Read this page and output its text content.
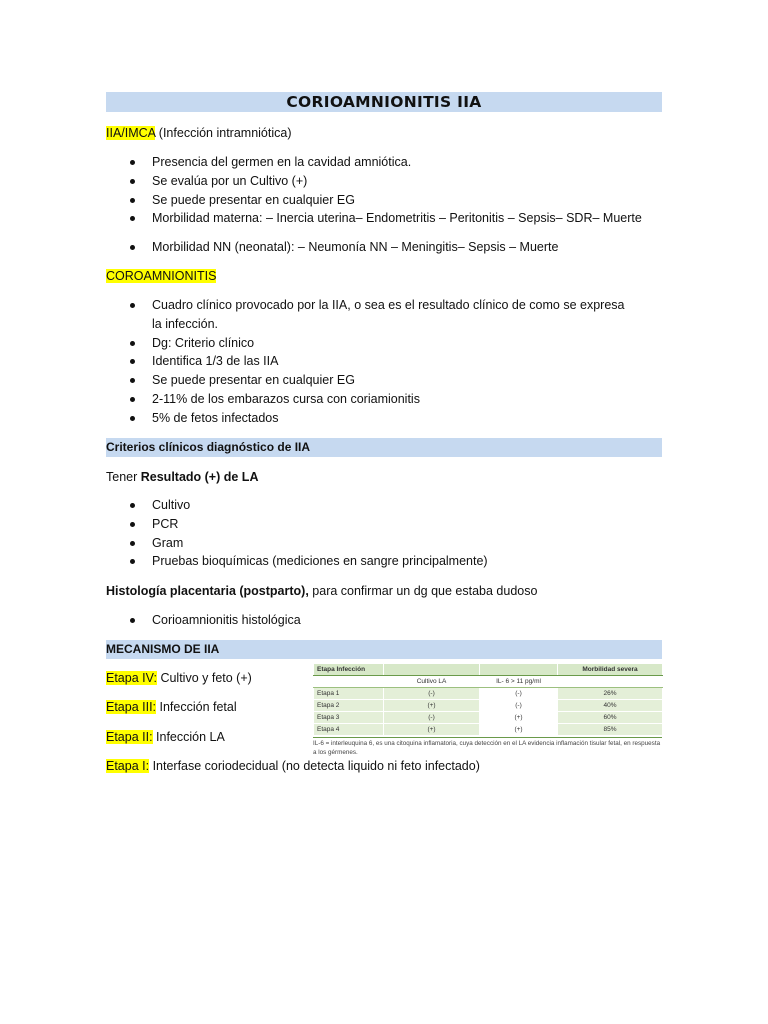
CORIOAMNIONITIS IIA
IIA/IMCA (Infección intramniótica)
Presencia del germen en la cavidad amniótica.
Se evalúa por un Cultivo (+)
Se puede presentar en cualquier EG
Morbilidad materna: – Inercia uterina– Endometritis – Peritonitis – Sepsis– SDR– Muerte
Morbilidad NN (neonatal): – Neumonía NN – Meningitis– Sepsis – Muerte
COROAMNIONITIS
Cuadro clínico provocado por la IIA, o sea es el resultado clínico de como se expresa la infección.
Dg: Criterio clínico
Identifica 1/3 de las IIA
Se puede presentar en cualquier EG
2-11% de los embarazos cursa con coriamionitis
5% de fetos infectados
Criterios clínicos diagnóstico de IIA
Tener Resultado (+) de LA
Cultivo
PCR
Gram
Pruebas bioquímicas (mediciones en sangre principalmente)
Histología placentaria (postparto), para confirmar un dg que estaba dudoso
Corioamnionitis histológica
MECANISMO DE IIA
Etapa IV: Cultivo y feto (+)
Etapa III: Infección fetal
Etapa II: Infección LA
Etapa I: Interfase coriodecidual (no detecta liquido ni feto infectado)
Etapa Infección			Morbilidad severa
	Cultivo LA	IL- 6 > 11 pg/ml	
Etapa 1	(-)	(-)	26%
Etapa 2	(+)	(-)	40%
Etapa 3	(-)	(+)	60%
Etapa 4	(+)	(+)	85%
IL-6 = interleuquina 6, es una citoquina inflamatoria, cuya detección en el LA evidencia inflamación tisular fetal, en respuesta a los gérmenes.
